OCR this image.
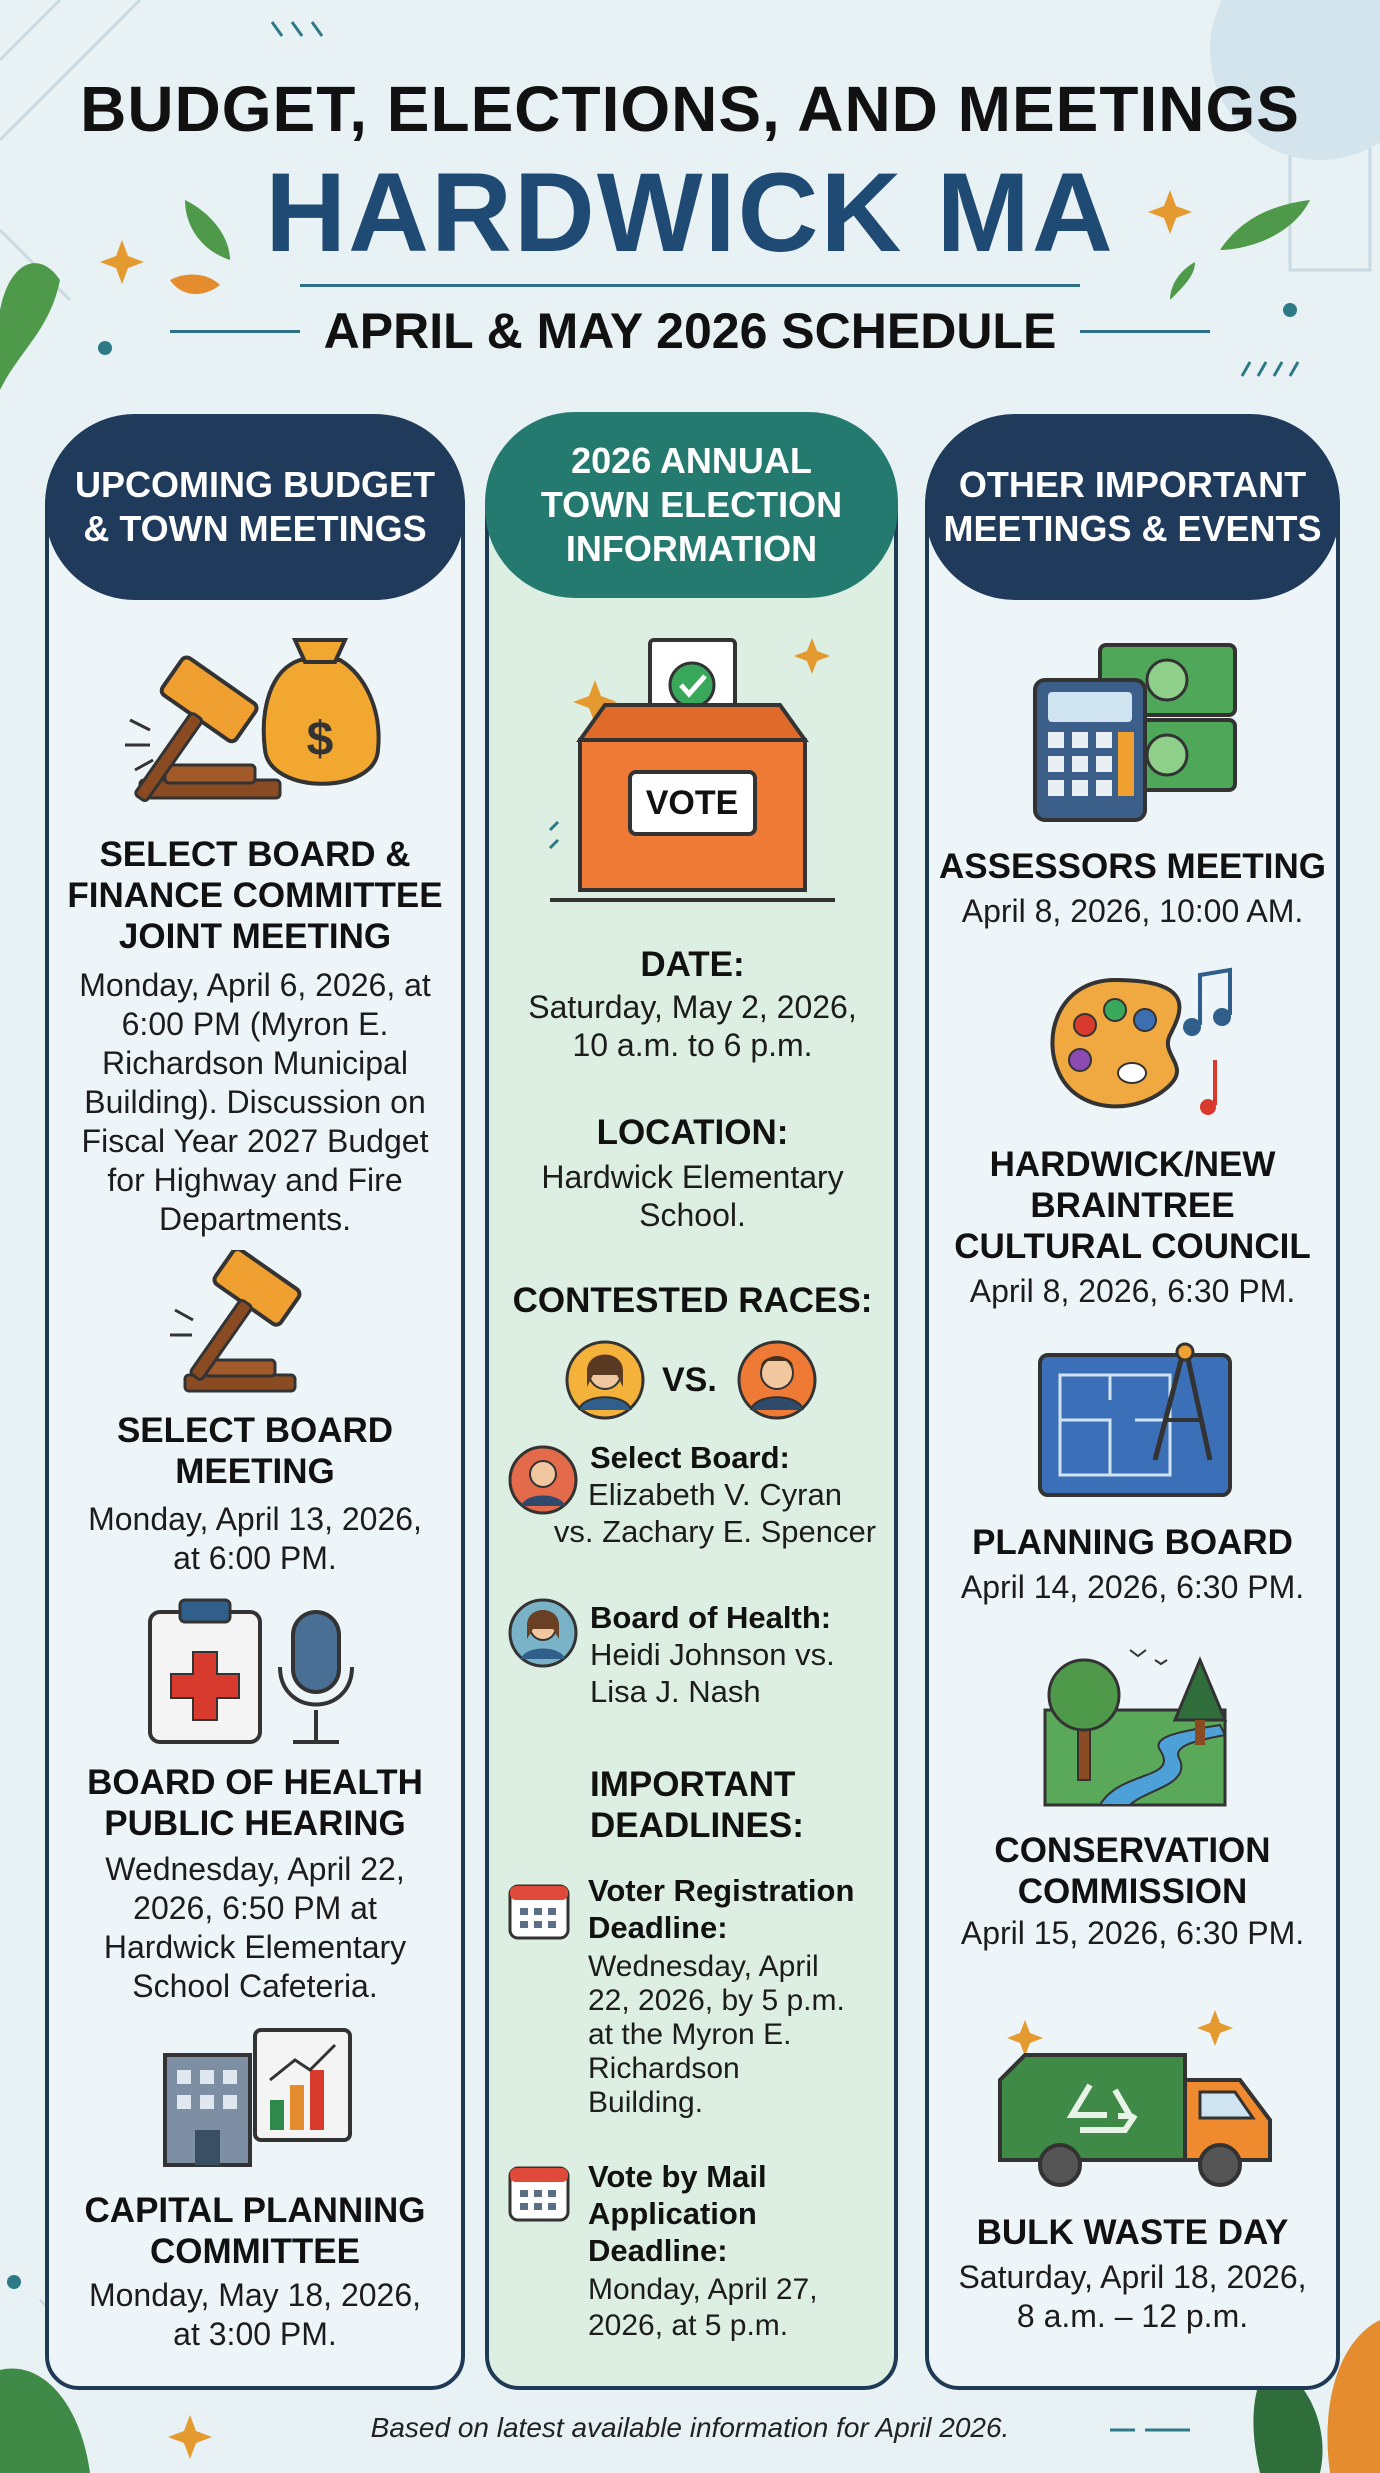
BUDGET, ELECTIONS, AND MEETINGS
HARDWICK MA
APRIL & MAY 2026 SCHEDULE
UPCOMING BUDGET
& TOWN MEETINGS
2026 ANNUAL
TOWN ELECTION
INFORMATION
OTHER IMPORTANT
MEETINGS & EVENTS
$
SELECT BOARD &
FINANCE COMMITTEE
JOINT MEETING
Monday, April 6, 2026, at
6:00 PM (Myron E.
Richardson Municipal
Building). Discussion on
Fiscal Year 2027 Budget
for Highway and Fire
Departments.
SELECT BOARD
MEETING
Monday, April 13, 2026,
at 6:00 PM.
BOARD OF HEALTH
PUBLIC HEARING
Wednesday, April 22,
2026, 6:50 PM at
Hardwick Elementary
School Cafeteria.
CAPITAL PLANNING
COMMITTEE
Monday, May 18, 2026,
at 3:00 PM.
VOTE
DATE:
Saturday, May 2, 2026,
10 a.m. to 6 p.m.
LOCATION:
Hardwick Elementary
School.
CONTESTED RACES:
VS.
Select Board:
Elizabeth V. Cyran
vs. Zachary E. Spencer
Board of Health:
Heidi Johnson vs.
Lisa J. Nash
IMPORTANT
DEADLINES:
Voter Registration
Deadline:
Wednesday, April
22, 2026, by 5 p.m.
at the Myron E.
Richardson
Building.
Vote by Mail
Application
Deadline:
Monday, April 27,
2026, at 5 p.m.
ASSESSORS MEETING
April 8, 2026, 10:00 AM.
HARDWICK/NEW
BRAINTREE
CULTURAL COUNCIL
April 8, 2026, 6:30 PM.
PLANNING BOARD
April 14, 2026, 6:30 PM.
CONSERVATION
COMMISSION
April 15, 2026, 6:30 PM.
BULK WASTE DAY
Saturday, April 18, 2026,
8 a.m. – 12 p.m.
Based on latest available information for April 2026.
